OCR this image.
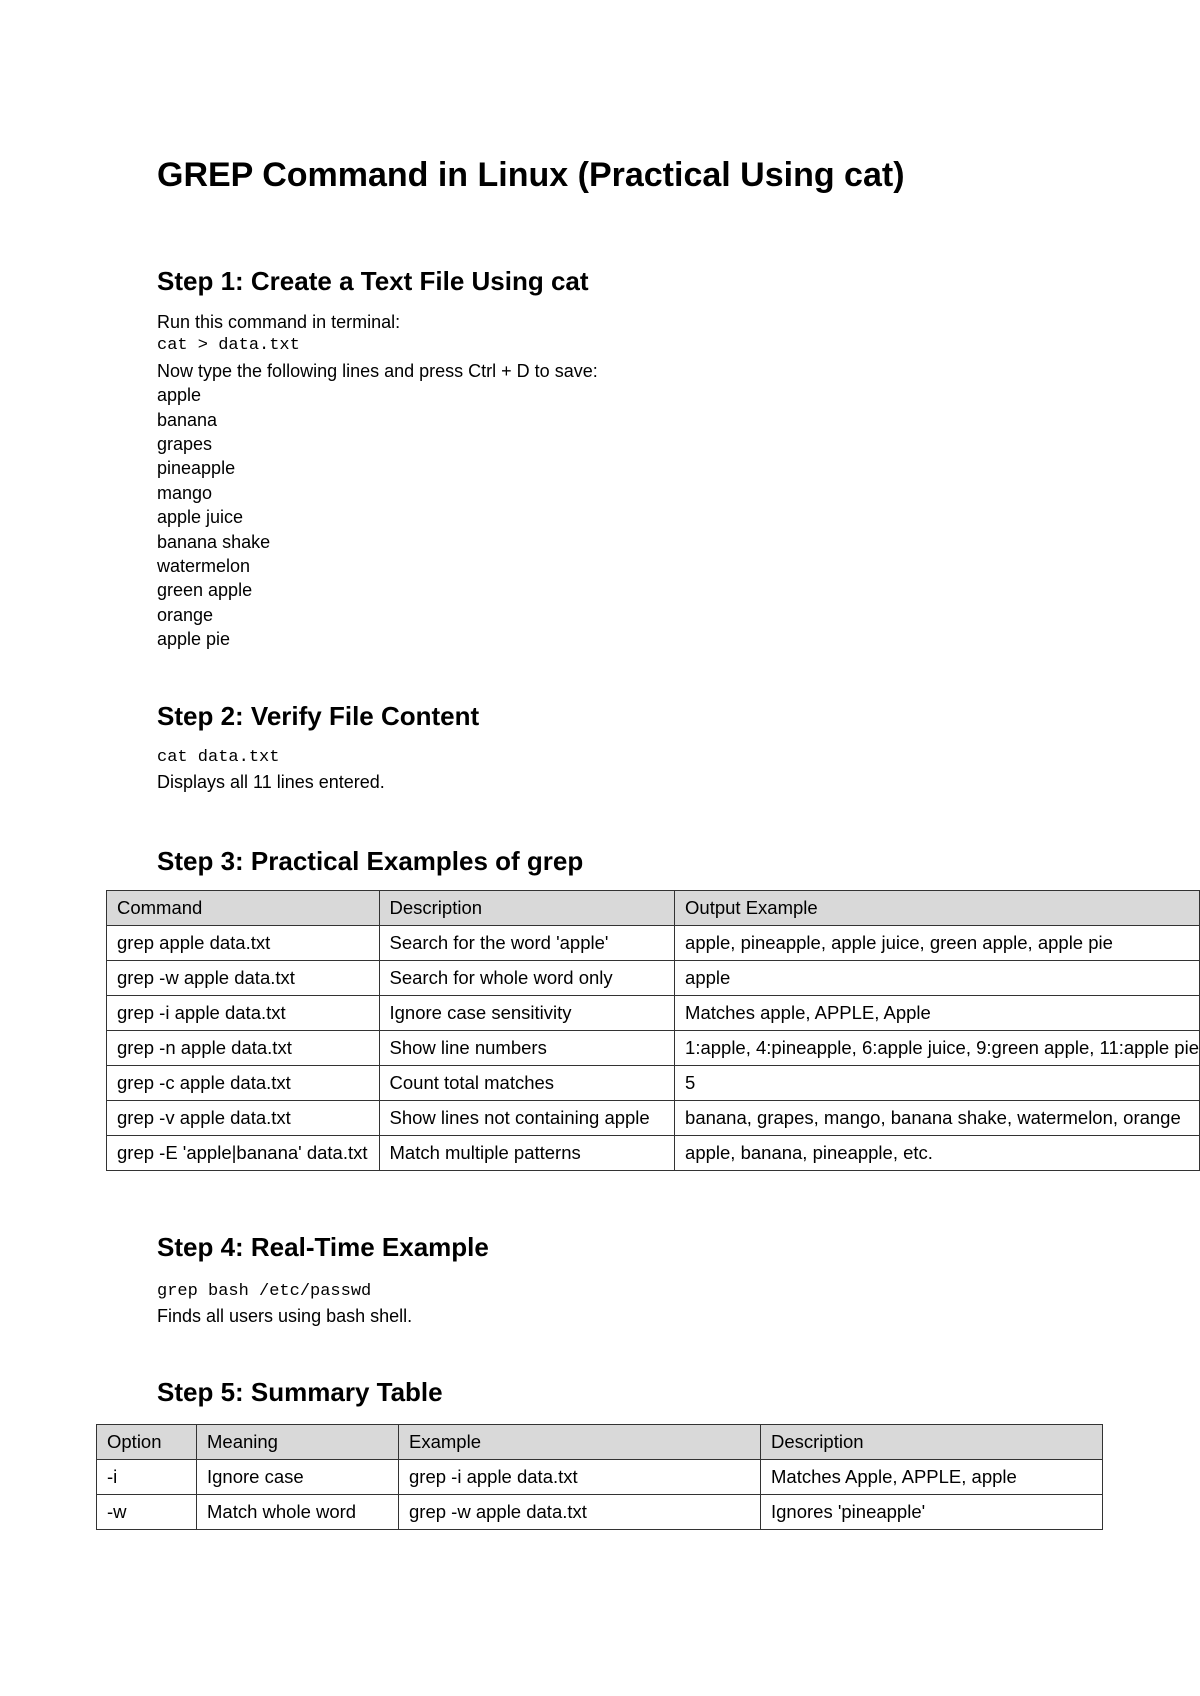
GREP Command in Linux (Practical Using cat)
Step 1: Create a Text File Using cat
Run this command in terminal:
cat > data.txt
Now type the following lines and press Ctrl + D to save:
apple
banana
grapes
pineapple
mango
apple juice
banana shake
watermelon
green apple
orange
apple pie
Step 2: Verify File Content
cat data.txt
Displays all 11 lines entered.
Step 3: Practical Examples of grep
Command	Description	Output Example
grep apple data.txt	Search for the word 'apple'	apple, pineapple, apple juice, green apple, apple pie
grep -w apple data.txt	Search for whole word only	apple
grep -i apple data.txt	Ignore case sensitivity	Matches apple, APPLE, Apple
grep -n apple data.txt	Show line numbers	1:apple, 4:pineapple, 6:apple juice, 9:green apple, 11:apple pie
grep -c apple data.txt	Count total matches	5
grep -v apple data.txt	Show lines not containing apple	banana, grapes, mango, banana shake, watermelon, orange
grep -E 'apple|banana' data.txt	Match multiple patterns	apple, banana, pineapple, etc.
Step 4: Real-Time Example
grep bash /etc/passwd
Finds all users using bash shell.
Step 5: Summary Table
Option	Meaning	Example	Description
-i	Ignore case	grep -i apple data.txt	Matches Apple, APPLE, apple
-w	Match whole word	grep -w apple data.txt	Ignores 'pineapple'
